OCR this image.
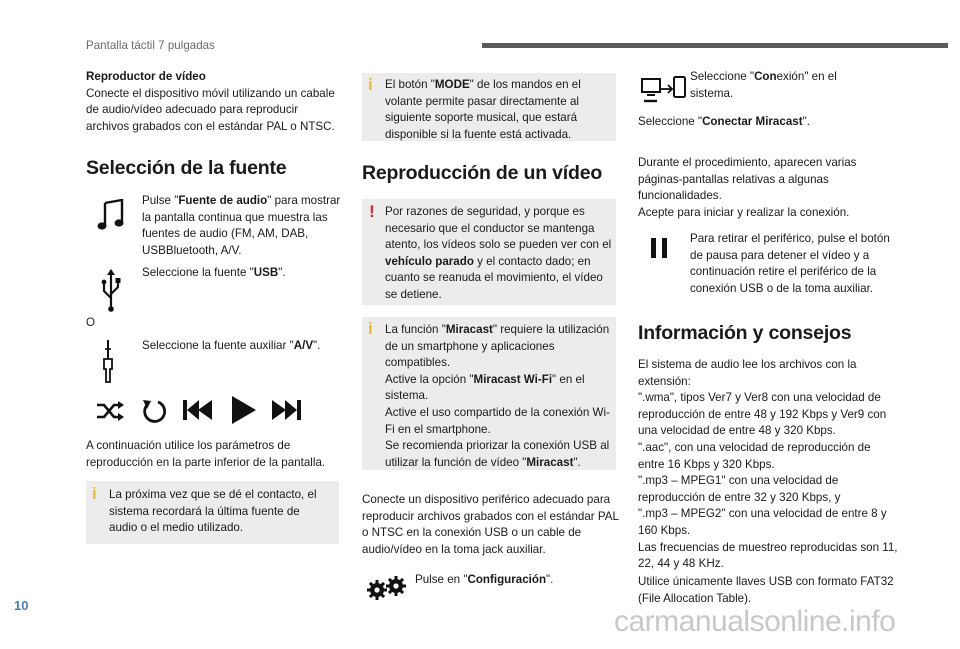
Pantalla táctil 7 pulgadas

Reproductor de vídeo

Conecte el dispositivo móvil utilizando un cabale de audio/vídeo adecuado para reproducir archivos grabados con el estándar PAL o NTSC.

Selección de la fuente
Pulse "Fuente de audio" para mostrar la pantalla continua que muestra las fuentes de audio (FM, AM, DAB, USBBluetooth, A/V.
Seleccione la fuente "USB".
O
Seleccione la fuente auxiliar "A/V".
A continuación utilice los parámetros de reproducción en la parte inferior de la pantalla.
i La próxima vez que se dé el contacto, el sistema recordará la última fuente de audio o el medio utilizado.
i El botón "MODE" de los mandos en el volante permite pasar directamente al siguiente soporte musical, que estará disponible si la fuente está activada.
Reproducción de un vídeo
! Por razones de seguridad, y porque es necesario que el conductor se mantenga atento, los vídeos solo se pueden ver con el vehículo parado y el contacto dado; en cuanto se reanuda el movimiento, el vídeo se detiene.
i La función "Miracast" requiere la utilización de un smartphone y aplicaciones compatibles.

Active la opción "Miracast Wi-Fi" en el sistema.

Active el uso compartido de la conexión Wi-Fi en el smartphone.

Se recomienda priorizar la conexión USB al utilizar la función de vídeo "Miracast".

Conecte un dispositivo periférico adecuado para reproducir archivos grabados con el estándar PAL o NTSC en la conexión USB o un cable de audio/vídeo en la toma jack auxiliar.
Pulse en "Configuración".
Seleccione "Conexión" en el sistema.
Seleccione "Conectar Miracast".

Durante el procedimiento, aparecen varias páginas-pantallas relativas a algunas funcionalidades.

Acepte para iniciar y realizar la conexión.

Para retirar el periférico, pulse el botón de pausa para detener el vídeo y a continuación retire el periférico de la conexión USB o de la toma auxiliar.
Información y consejos

El sistema de audio lee los archivos con la extensión:

".wma", tipos Ver7 y Ver8 con una velocidad de reproducción de entre 48 y 192 Kbps y Ver9 con una velocidad de entre 48 y 320 Kbps.

".aac", con una velocidad de reproducción de entre 16 Kbps y 320 Kbps.

".mp3 – MPEG1" con una velocidad de reproducción de entre 32 y 320 Kbps, y

".mp3 – MPEG2" con una velocidad de entre 8 y 160 Kbps.

Las frecuencias de muestreo reproducidas son 11, 22, 44 y 48 KHz.

Utilice únicamente llaves USB con formato FAT32 (File Allocation Table).
10	carmanualsonline.info
